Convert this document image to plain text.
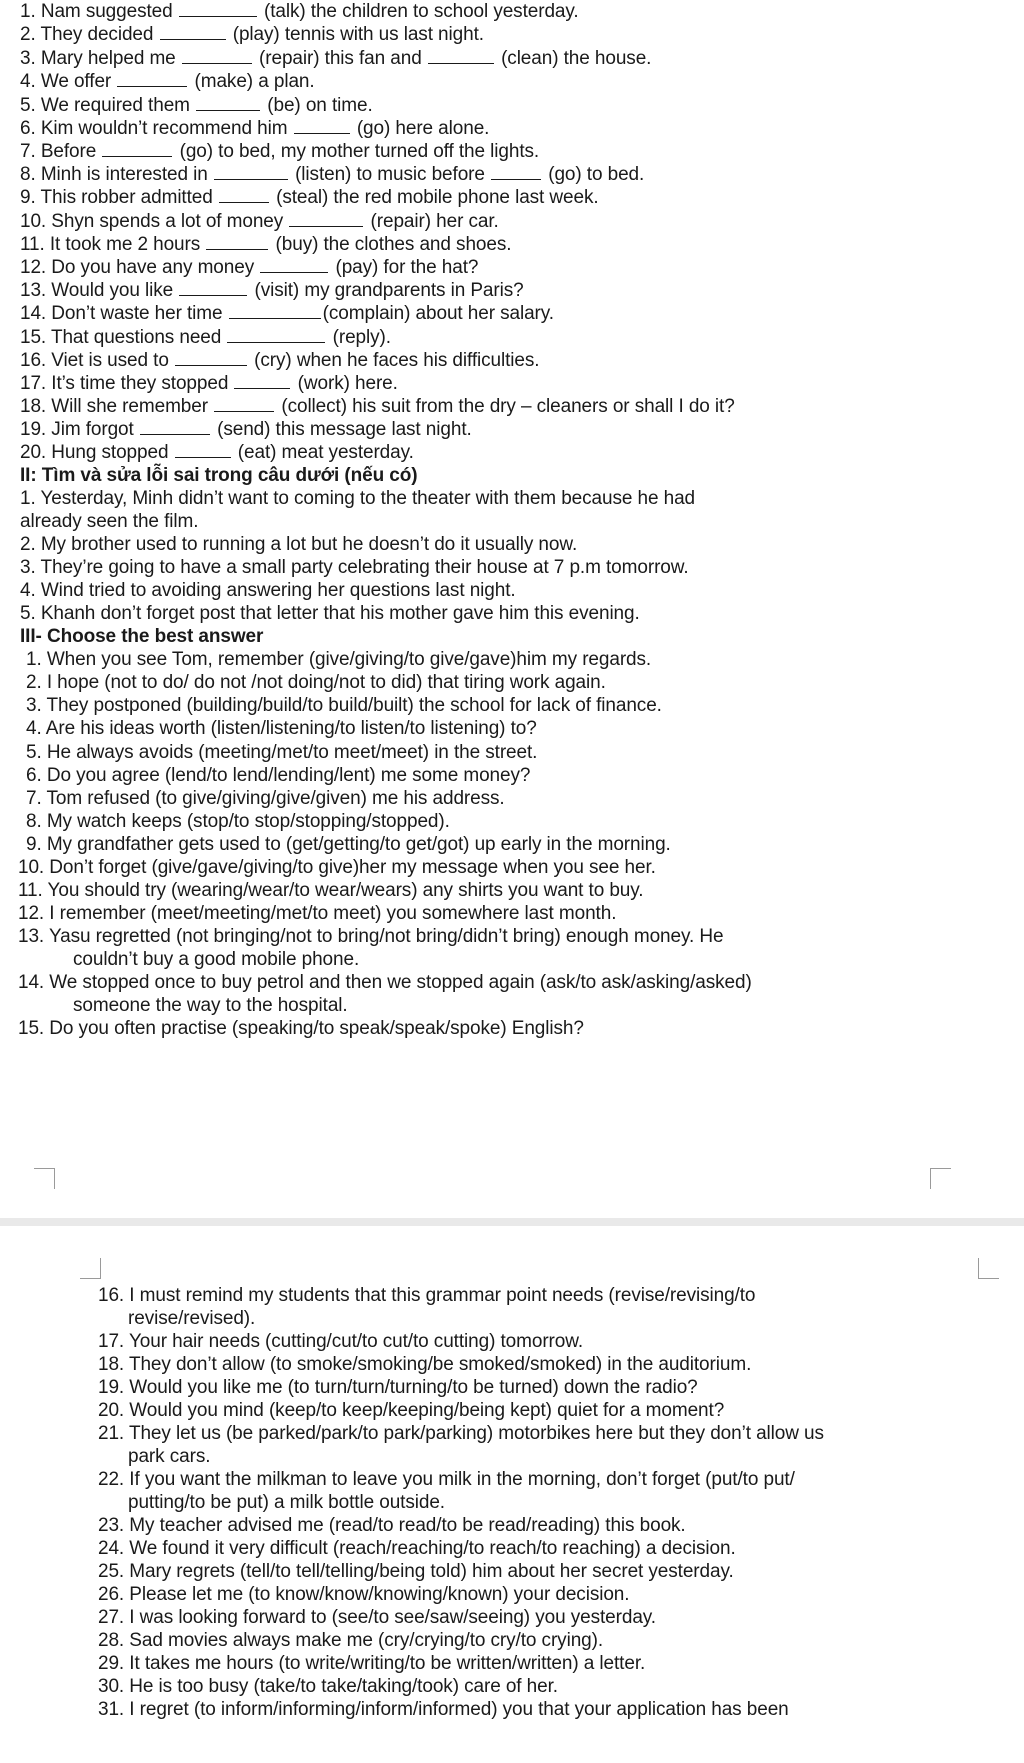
1. Nam suggested	(talk) the children to school yesterday.
2. They decided	(play) tennis with us last night.
3. Mary helped me	(repair) this fan and	(clean) the house.
4. We offer	(make) a plan.
5. We required them	(be) on time.
6. Kim wouldn’t recommend him	(go) here alone.
7. Before	(go) to bed, my mother turned off the lights.
8. Minh is interested in	(listen) to music before	(go) to bed.
9. This robber admitted	(steal) the red mobile phone last week.
10. Shyn spends a lot of money	(repair) her car.
11. It took me 2 hours	(buy) the clothes and shoes.
12. Do you have any money	(pay) for the hat?
13. Would you like	(visit) my grandparents in Paris?
14. Don’t waste her time	(complain) about her salary.
15. That questions need	(reply).
16. Viet is used to	(cry) when he faces his difficulties.
17. It’s time they stopped	(work) here.
18. Will she remember	(collect) his suit from the dry – cleaners or shall I do it?
19. Jim forgot	(send) this message last night.
20. Hung stopped	(eat) meat yesterday.
II: Tìm và sửa lỗi sai trong câu dưới (nếu có)
1. Yesterday, Minh didn’t want to coming to the theater with them because he had
already seen the film.
2. My brother used to running a lot but he doesn’t do it usually now.
3. They’re going to have a small party celebrating their house at 7 p.m tomorrow.
4. Wind tried to avoiding answering her questions last night.
5. Khanh don’t forget post that letter that his mother gave him this evening.
III- Choose the best answer
1. When you see Tom, remember (give/giving/to give/gave)him my regards.
2. I hope (not to do/ do not /not doing/not to did) that tiring work again.
3. They postponed (building/build/to build/built) the school for lack of finance.
4. Are his ideas worth (listen/listening/to listen/to listening) to?
5. He always avoids (meeting/met/to meet/meet) in the street.
6. Do you agree (lend/to lend/lending/lent) me some money?
7. Tom refused (to give/giving/give/given) me his address.
8. My watch keeps (stop/to stop/stopping/stopped).
9. My grandfather gets used to (get/getting/to get/got) up early in the morning.
10. Don’t forget (give/gave/giving/to give)her my message when you see her.
11. You should try (wearing/wear/to wear/wears) any shirts you want to buy.
12. I remember (meet/meeting/met/to meet) you somewhere last month.
13. Yasu regretted (not bringing/not to bring/not bring/didn’t bring) enough money. He
couldn’t buy a good mobile phone.
14. We stopped once to buy petrol and then we stopped again (ask/to ask/asking/asked)
someone the way to the hospital.
15. Do you often practise (speaking/to speak/speak/spoke) English?
16. I must remind my students that this grammar point needs (revise/revising/to
revise/revised).
17. Your hair needs (cutting/cut/to cut/to cutting) tomorrow.
18. They don’t allow (to smoke/smoking/be smoked/smoked) in the auditorium.
19. Would you like me (to turn/turn/turning/to be turned) down the radio?
20. Would you mind (keep/to keep/keeping/being kept) quiet for a moment?
21. They let us (be parked/park/to park/parking) motorbikes here but they don’t allow us
park cars.
22. If you want the milkman to leave you milk in the morning, don’t forget (put/to put/
putting/to be put) a milk bottle outside.
23. My teacher advised me (read/to read/to be read/reading) this book.
24. We found it very difficult (reach/reaching/to reach/to reaching) a decision.
25. Mary regrets (tell/to tell/telling/being told) him about her secret yesterday.
26. Please let me (to know/know/knowing/known) your decision.
27. I was looking forward to (see/to see/saw/seeing) you yesterday.
28. Sad movies always make me (cry/crying/to cry/to crying).
29. It takes me hours (to write/writing/to be written/written) a letter.
30. He is too busy (take/to take/taking/took) care of her.
31. I regret (to inform/informing/inform/informed) you that your application has been
